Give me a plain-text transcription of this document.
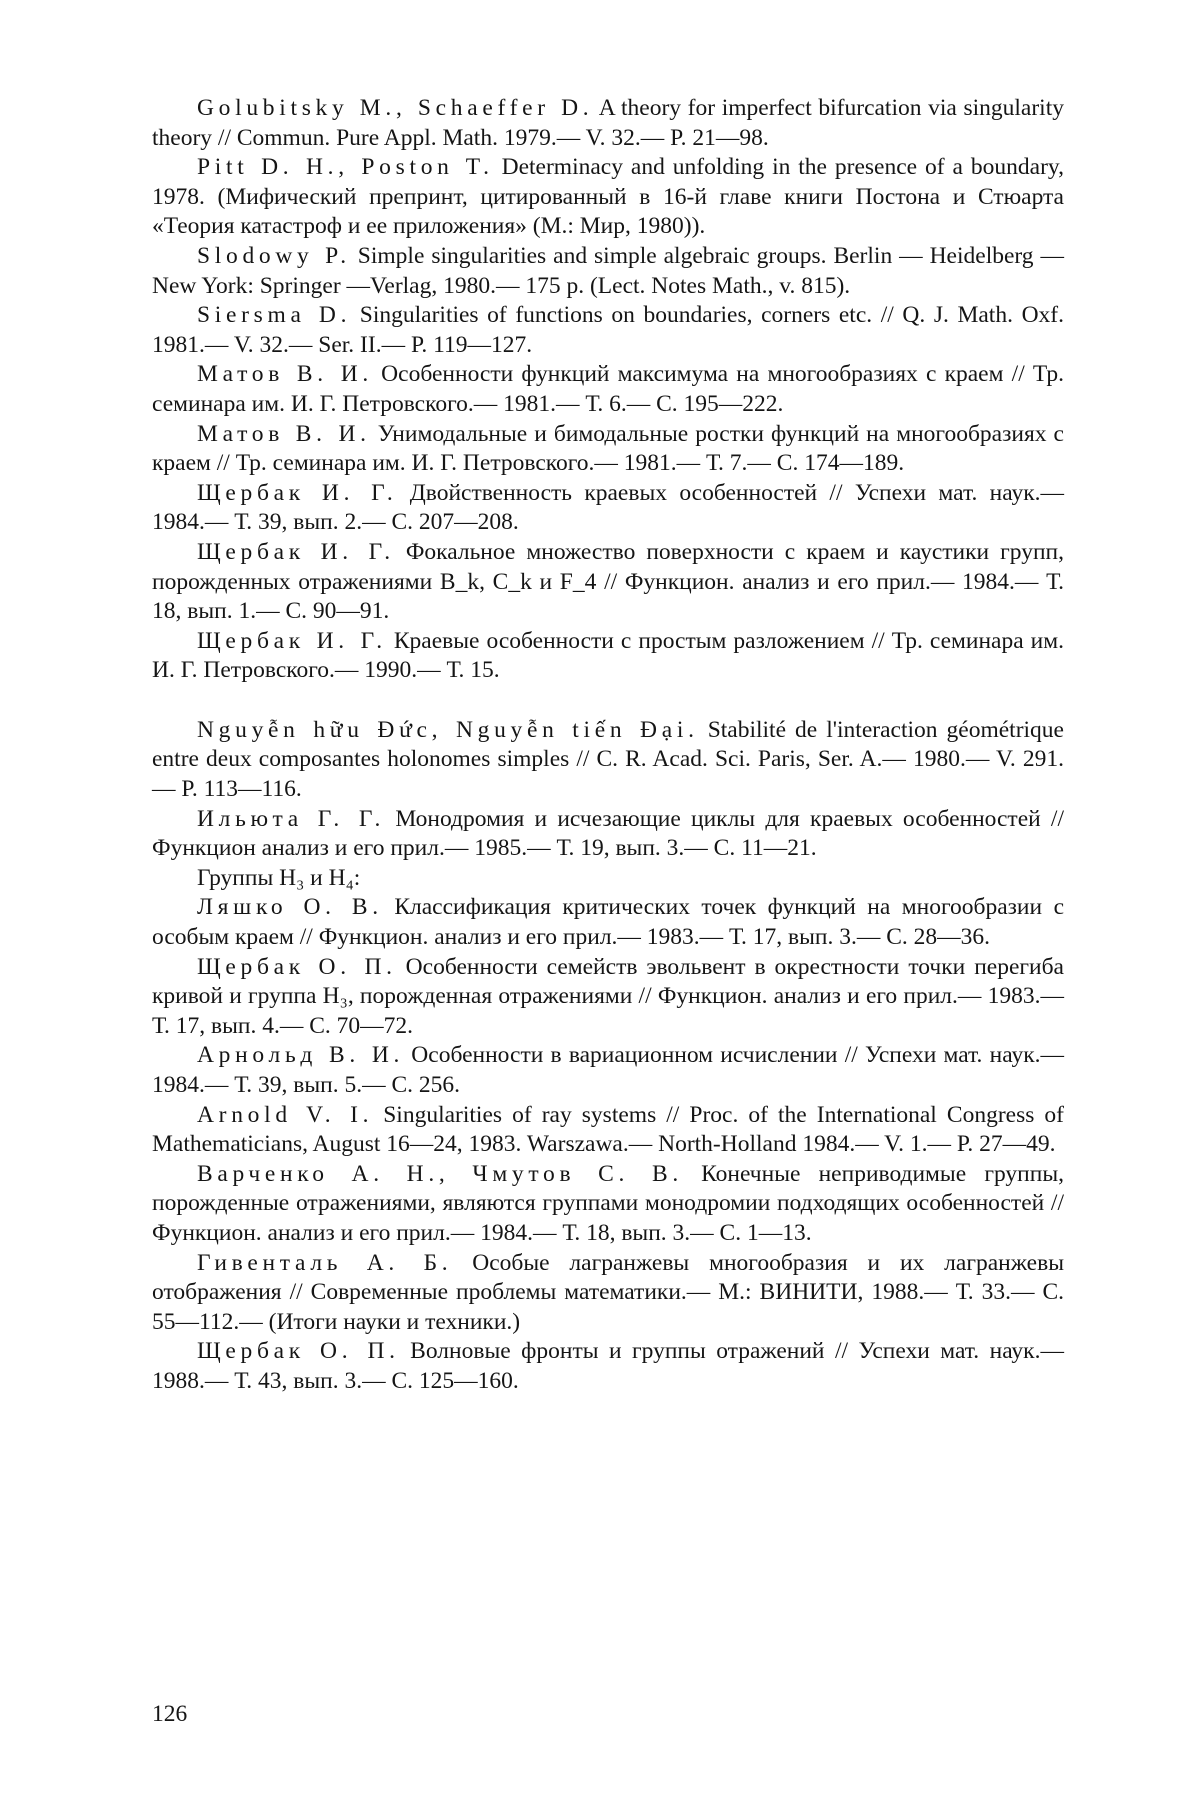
Golubitsky M., Schaeffer D. A theory for imperfect bifurcation via singularity theory // Commun. Pure Appl. Math. 1979.— V. 32.— P. 21—98.

Pitt D. H., Poston T. Determinacy and unfolding in the presence of a boundary, 1978. (Мифический препринт, цитированный в 16-й главе книги Постона и Стюарта «Теория катастроф и ее приложения» (М.: Мир, 1980)).

Slodowy P. Simple singularities and simple algebraic groups. Berlin — Heidelberg — New York: Springer —Verlag, 1980.— 175 p. (Lect. Notes Math., v. 815).

Siersma D. Singularities of functions on boundaries, corners etc. // Q. J. Math. Oxf. 1981.— V. 32.— Ser. II.— P. 119—127.

Матов В. И. Особенности функций максимума на многообразиях с краем // Тр. семинара им. И. Г. Петровского.— 1981.— Т. 6.— С. 195—222.

Матов В. И. Унимодальные и бимодальные ростки функций на многообразиях с краем // Тр. семинара им. И. Г. Петровского.— 1981.— Т. 7.— С. 174—189.

Щербак И. Г. Двойственность краевых особенностей // Успехи мат. наук.— 1984.— Т. 39, вып. 2.— С. 207—208.

Щербак И. Г. Фокальное множество поверхности с краем и каустики групп, порожденных отражениями B_k, C_k и F_4 // Функцион. анализ и его прил.— 1984.— Т. 18, вып. 1.— С. 90—91.

Щербак И. Г. Краевые особенности с простым разложением // Тр. семинара им. И. Г. Петровского.— 1990.— Т. 15.

Nguyễn hữu Đức, Nguyễn tiến Đại. Stabilité de l'interaction géométrique entre deux composantes holonomes simples // C. R. Acad. Sci. Paris, Ser. A.— 1980.— V. 291.— P. 113—116.

Ильюта Г. Г. Монодромия и исчезающие циклы для краевых особенностей // Функцион анализ и его прил.— 1985.— Т. 19, вып. 3.— С. 11—21.

Группы H₃ и H₄:

Ляшко О. В. Классификация критических точек функций на многообразии с особым краем // Функцион. анализ и его прил.— 1983.— Т. 17, вып. 3.— С. 28—36.

Щербак О. П. Особенности семейств эвольвент в окрестности точки перегиба кривой и группа H₃, порожденная отражениями // Функцион. анализ и его прил.— 1983.— Т. 17, вып. 4.— С. 70—72.

Арнольд В. И. Особенности в вариационном исчислении // Успехи мат. наук.— 1984.— Т. 39, вып. 5.— С. 256.

Arnold V. I. Singularities of ray systems // Proc. of the International Congress of Mathematicians, August 16—24, 1983. Warszawa.— North-Holland 1984.— V. 1.— P. 27—49.

Варченко А. Н., Чмутов С. В. Конечные неприводимые группы, порожденные отражениями, являются группами монодромии подходящих особенностей // Функцион. анализ и его прил.— 1984.— Т. 18, вып. 3.— С. 1—13.

Гивенталь А. Б. Особые лагранжевы многообразия и их лагранжевы отображения // Современные проблемы математики.— М.: ВИНИТИ, 1988.— Т. 33.— С. 55—112.— (Итоги науки и техники.)

Щербак О. П. Волновые фронты и группы отражений // Успехи мат. наук.— 1988.— Т. 43, вып. 3.— С. 125—160.

126
